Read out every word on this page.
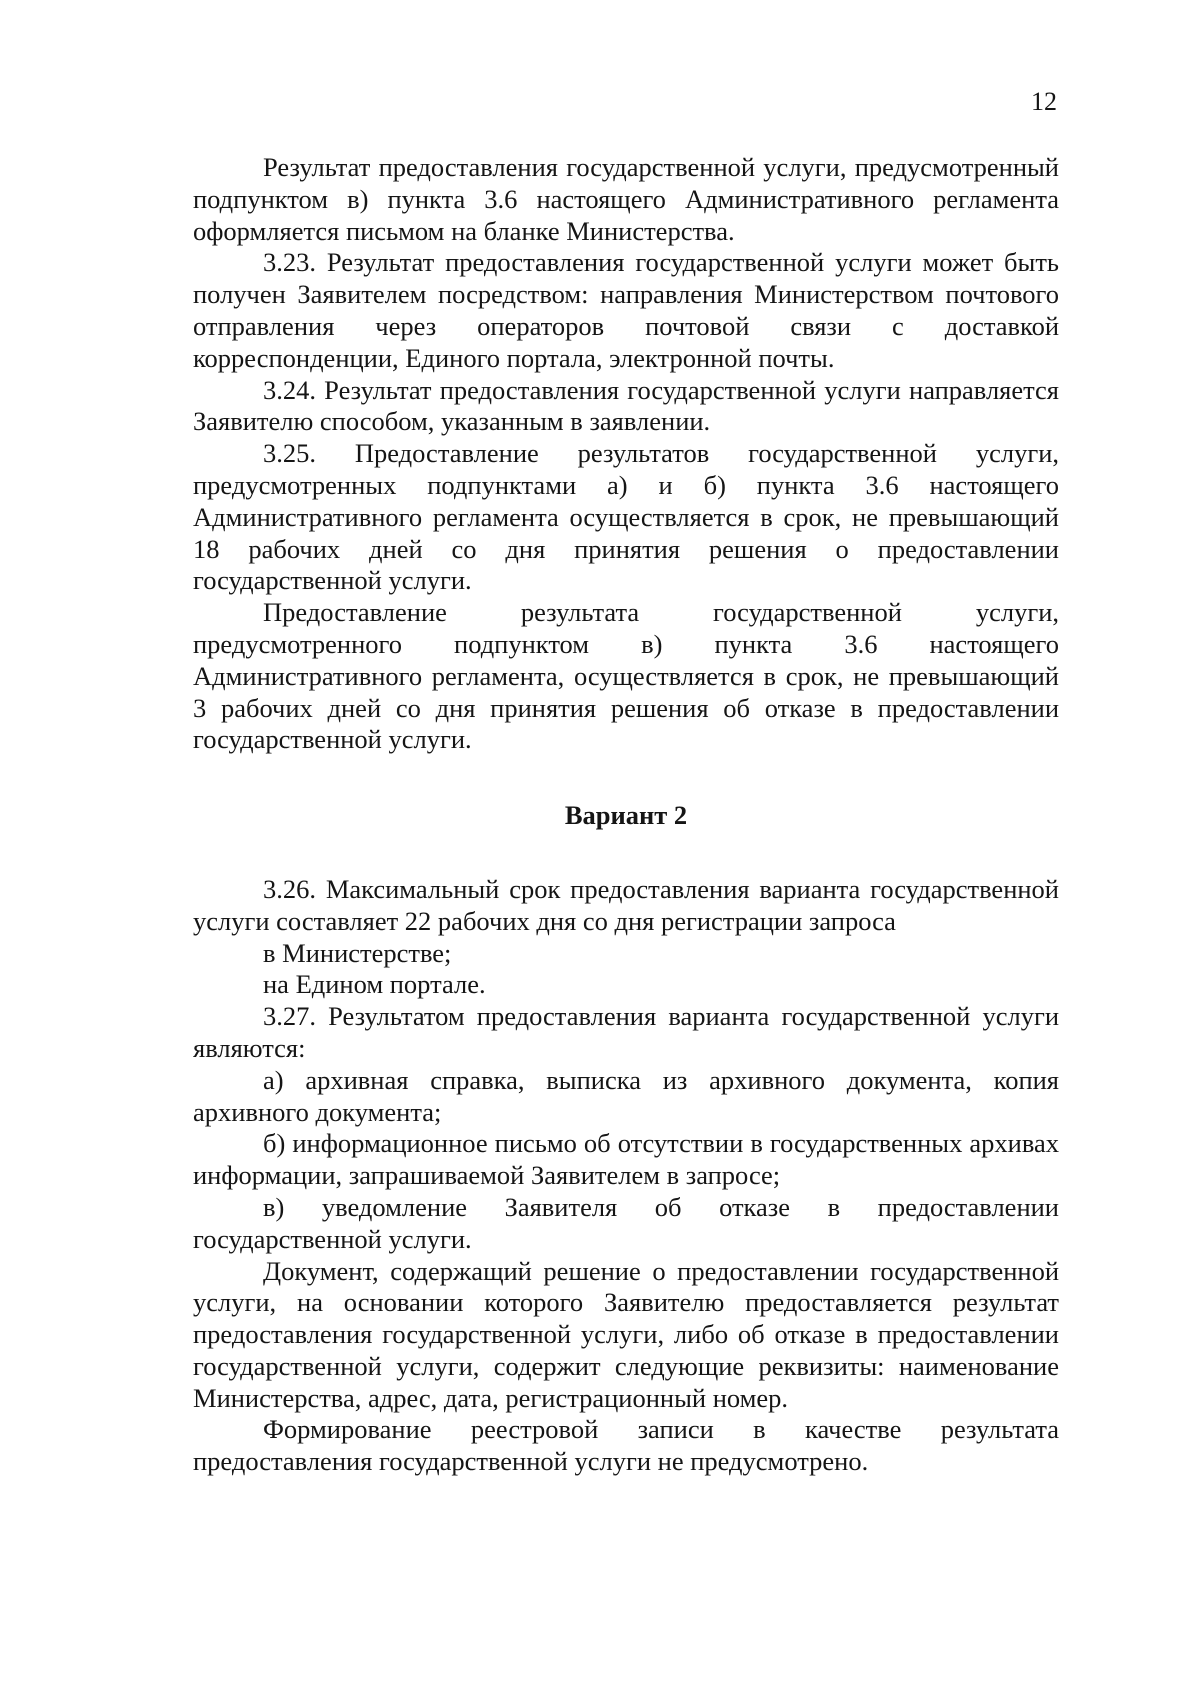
12

Результат предоставления государственной услуги, предусмотренный подпунктом в) пункта 3.6 настоящего Административного регламента оформляется письмом на бланке Министерства.

3.23. Результат предоставления государственной услуги может быть получен Заявителем посредством: направления Министерством почтового отправления через операторов почтовой связи с доставкой корреспонденции, Единого портала, электронной почты.

3.24. Результат предоставления государственной услуги направляется Заявителю способом, указанным в заявлении.

3.25. Предоставление результатов государственной услуги, предусмотренных подпунктами а) и б) пункта 3.6 настоящего Административного регламента осуществляется в срок, не превышающий 18 рабочих дней со дня принятия решения о предоставлении государственной услуги.

Предоставление результата государственной услуги, предусмотренного подпунктом в) пункта 3.6 настоящего Административного регламента, осуществляется в срок, не превышающий 3 рабочих дней со дня принятия решения об отказе в предоставлении государственной услуги.

Вариант 2

3.26. Максимальный срок предоставления варианта государственной услуги составляет 22 рабочих дня со дня регистрации запроса

в Министерстве;

на Едином портале.

3.27. Результатом предоставления варианта государственной услуги являются:

а) архивная справка, выписка из архивного документа, копия архивного документа;

б) информационное письмо об отсутствии в государственных архивах информации, запрашиваемой Заявителем в запросе;

в) уведомление Заявителя об отказе в предоставлении государственной услуги.

Документ, содержащий решение о предоставлении государственной услуги, на основании которого Заявителю предоставляется результат предоставления государственной услуги, либо об отказе в предоставлении государственной услуги, содержит следующие реквизиты: наименование Министерства, адрес, дата, регистрационный номер.

Формирование реестровой записи в качестве результата предоставления государственной услуги не предусмотрено.
